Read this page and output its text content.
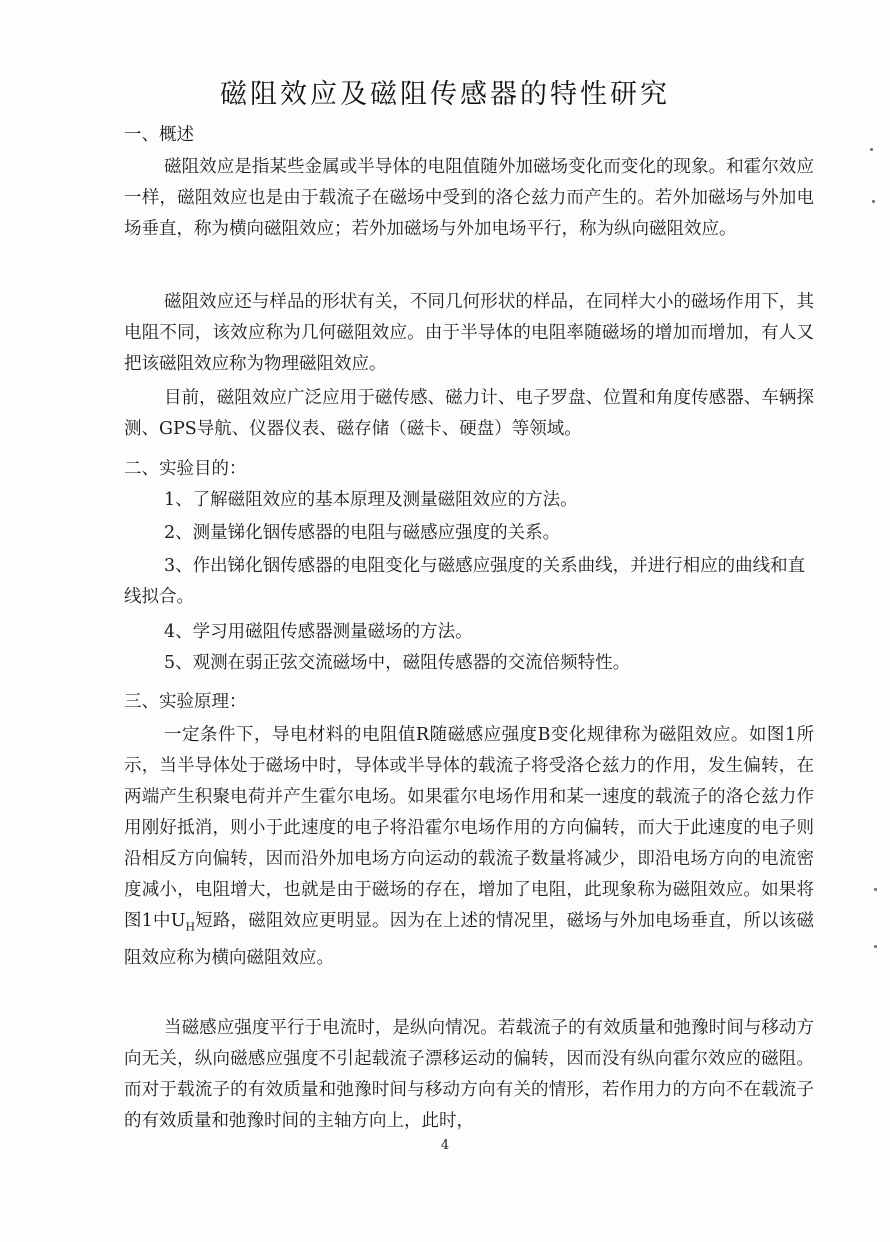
磁阻效应及磁阻传感器的特性研究
一、概述
磁阻效应是指某些金属或半导体的电阻值随外加磁场变化而变化的现象。和霍尔效应一样，磁阻效应也是由于载流子在磁场中受到的洛仑兹力而产生的。若外加磁场与外加电场垂直，称为横向磁阻效应；若外加磁场与外加电场平行，称为纵向磁阻效应。
磁阻效应还与样品的形状有关，不同几何形状的样品，在同样大小的磁场作用下，其电阻不同，该效应称为几何磁阻效应。由于半导体的电阻率随磁场的增加而增加，有人又把该磁阻效应称为物理磁阻效应。
目前，磁阻效应广泛应用于磁传感、磁力计、电子罗盘、位置和角度传感器、车辆探测、GPS导航、仪器仪表、磁存储（磁卡、硬盘）等领域。
二、实验目的：
1、了解磁阻效应的基本原理及测量磁阻效应的方法。
2、测量锑化铟传感器的电阻与磁感应强度的关系。
3、作出锑化铟传感器的电阻变化与磁感应强度的关系曲线，并进行相应的曲线和直线拟合。
4、学习用磁阻传感器测量磁场的方法。
5、观测在弱正弦交流磁场中，磁阻传感器的交流倍频特性。
三、实验原理：
一定条件下，导电材料的电阻值R随磁感应强度B变化规律称为磁阻效应。如图1所示，当半导体处于磁场中时，导体或半导体的载流子将受洛仑兹力的作用，发生偏转，在两端产生积聚电荷并产生霍尔电场。如果霍尔电场作用和某一速度的载流子的洛仑兹力作用刚好抵消，则小于此速度的电子将沿霍尔电场作用的方向偏转，而大于此速度的电子则沿相反方向偏转，因而沿外加电场方向运动的载流子数量将减少，即沿电场方向的电流密度减小，电阻增大，也就是由于磁场的存在，增加了电阻，此现象称为磁阻效应。如果将图1中$U_H$短路，磁阻效应更明显。因为在上述的情况里，磁场与外加电场垂直，所以该磁阻效应称为横向磁阻效应。
当磁感应强度平行于电流时，是纵向情况。若载流子的有效质量和弛豫时间与移动方向无关，纵向磁感应强度不引起载流子漂移运动的偏转，因而没有纵向霍尔效应的磁阻。而对于载流子的有效质量和弛豫时间与移动方向有关的情形，若作用力的方向不在载流子的有效质量和弛豫时间的主轴方向上，此时，
4
